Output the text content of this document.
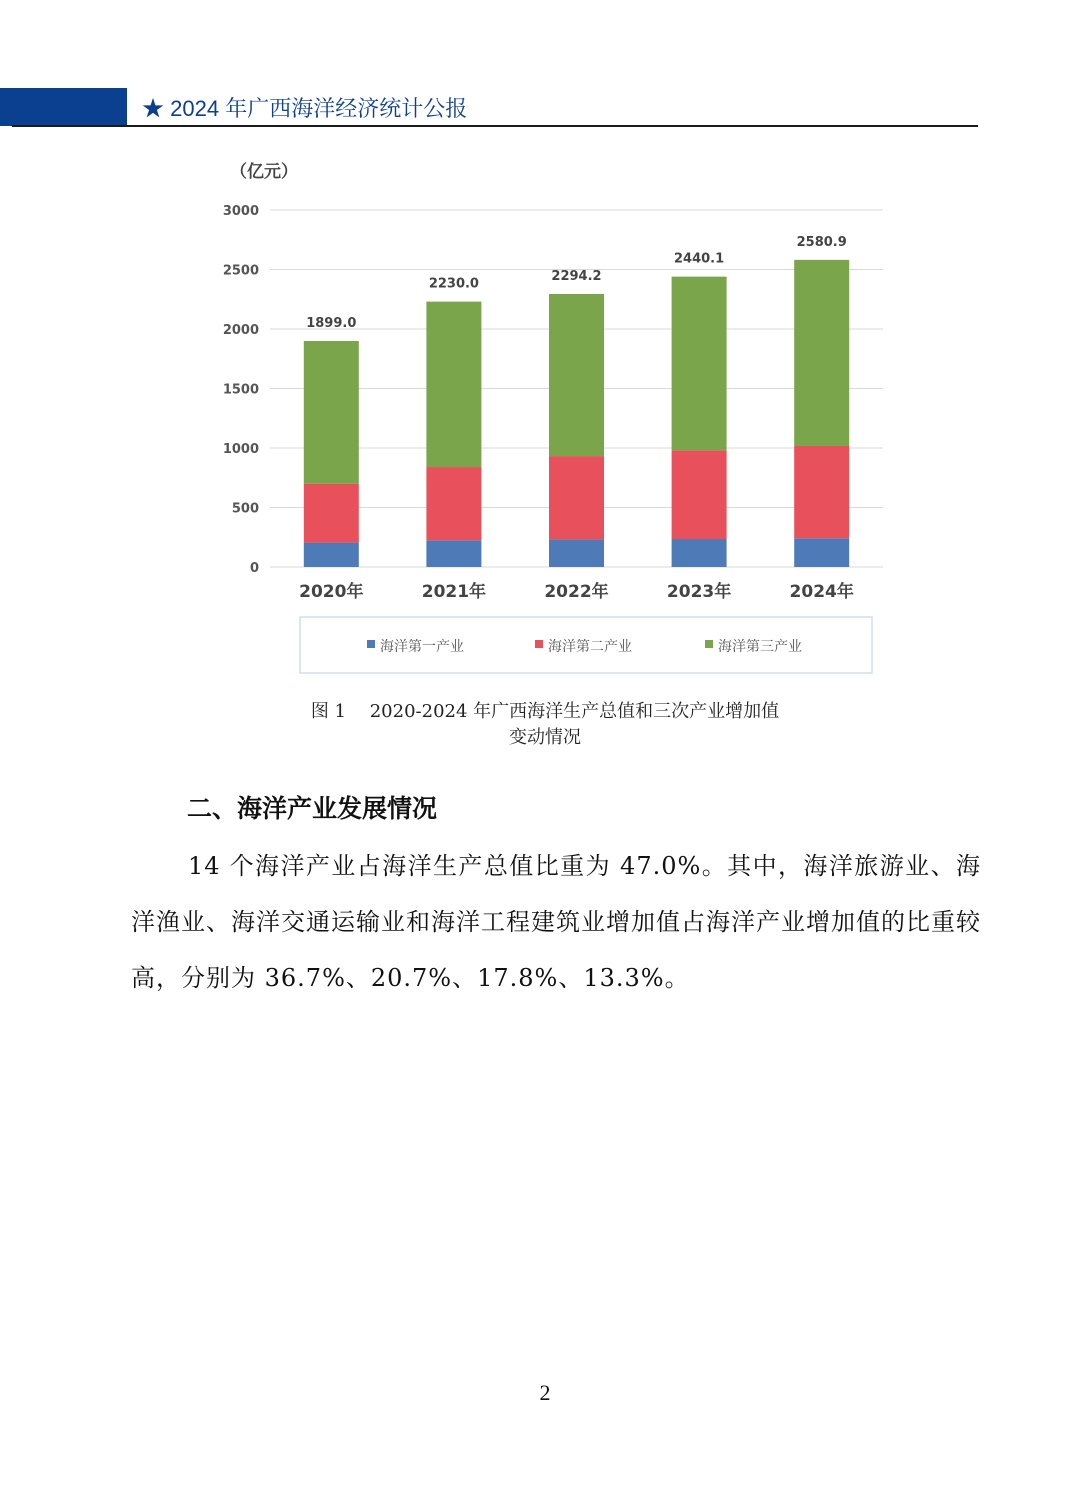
★ 2024 年广西海洋经济统计公报
（亿元）
0
500
1000
1500
2000
2500
3000
1899.0
2020年
2230.0
2021年
2294.2
2022年
2440.1
2023年
2580.9
2024年
海洋第一产业	海洋第二产业	海洋第三产业
图 1　 2020-2024 年广西海洋生产总值和三次产业增加值
变动情况
二、海洋产业发展情况
14 个海洋产业占海洋生产总值比重为 47.0%。其中，海洋旅游业、海洋渔业、海洋交通运输业和海洋工程建筑业增加值占海洋产业增加值的比重较高，分别为 36.7%、20.7%、17.8%、13.3%。
2
